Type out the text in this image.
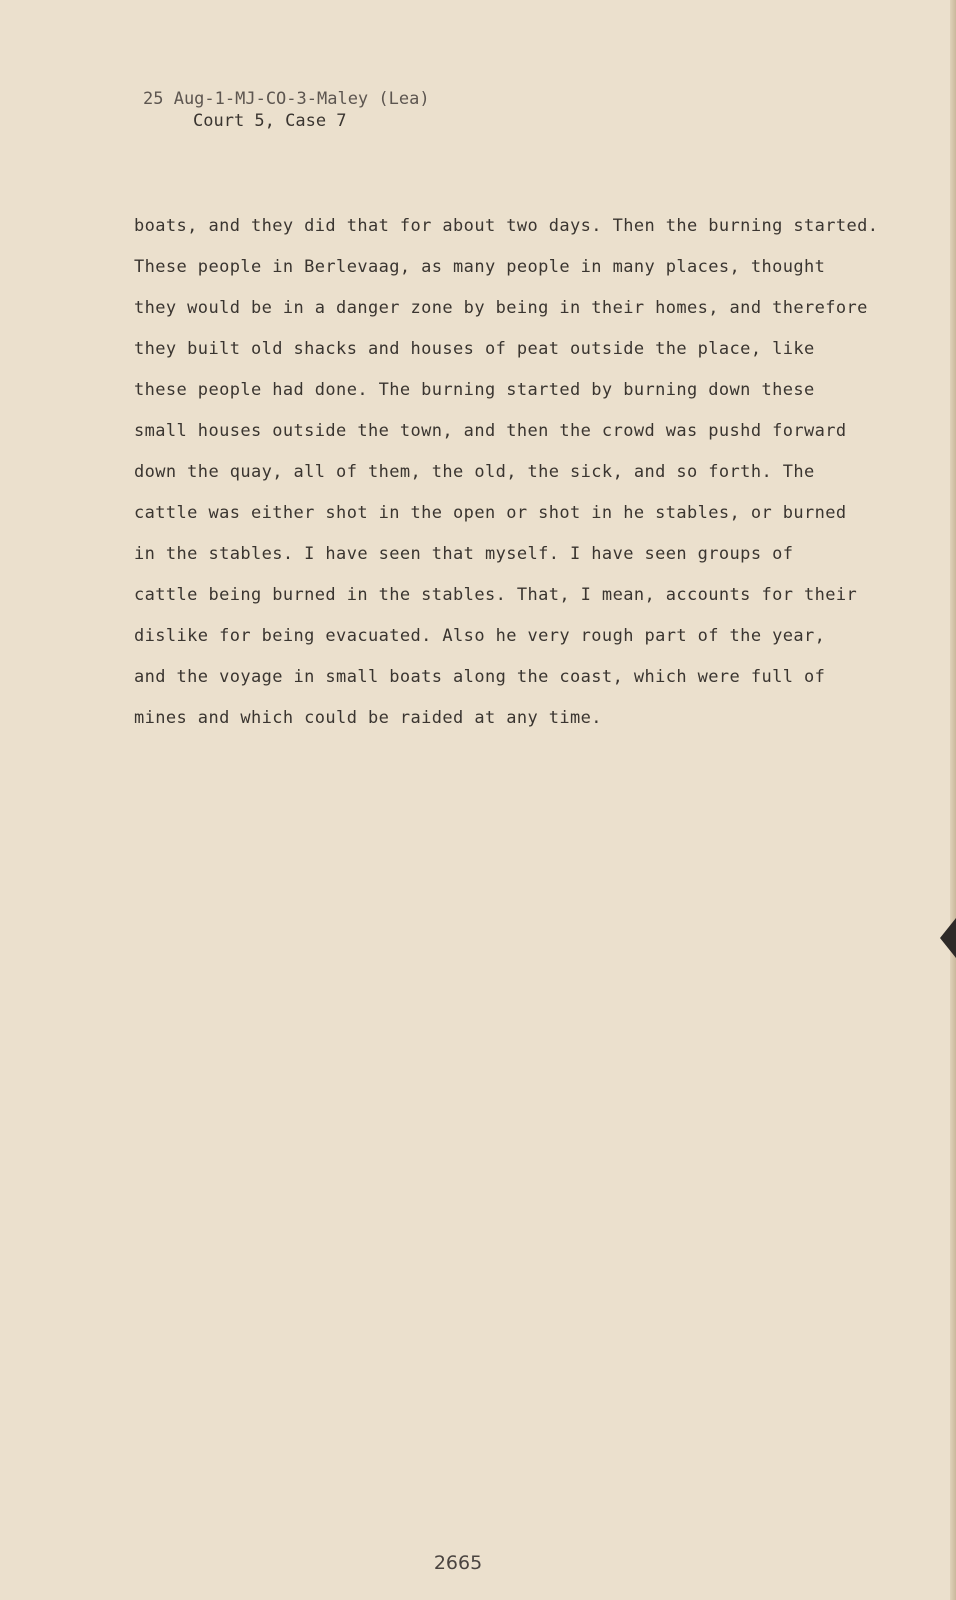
25 Aug-1-MJ-CO-3-Maley (Lea)
Court 5, Case 7
boats, and they did that for about two days. Then the burning started.
These people in Berlevaag, as many people in many places, thought
they would be in a danger zone by being in their homes, and therefore
they built old shacks and houses of peat outside the place, like
these people had done. The burning started by burning down these
small houses outside the town, and then the crowd was pushd forward
down the quay, all of them, the old, the sick, and so forth. The
cattle was either shot in the open or shot in he stables, or burned
in the stables. I have seen that myself. I have seen groups of
cattle being burned in the stables. That, I mean, accounts for their
dislike for being evacuated. Also he very rough part of the year,
and the voyage in small boats along the coast, which were full of
mines and which could be raided at any time.
2665
